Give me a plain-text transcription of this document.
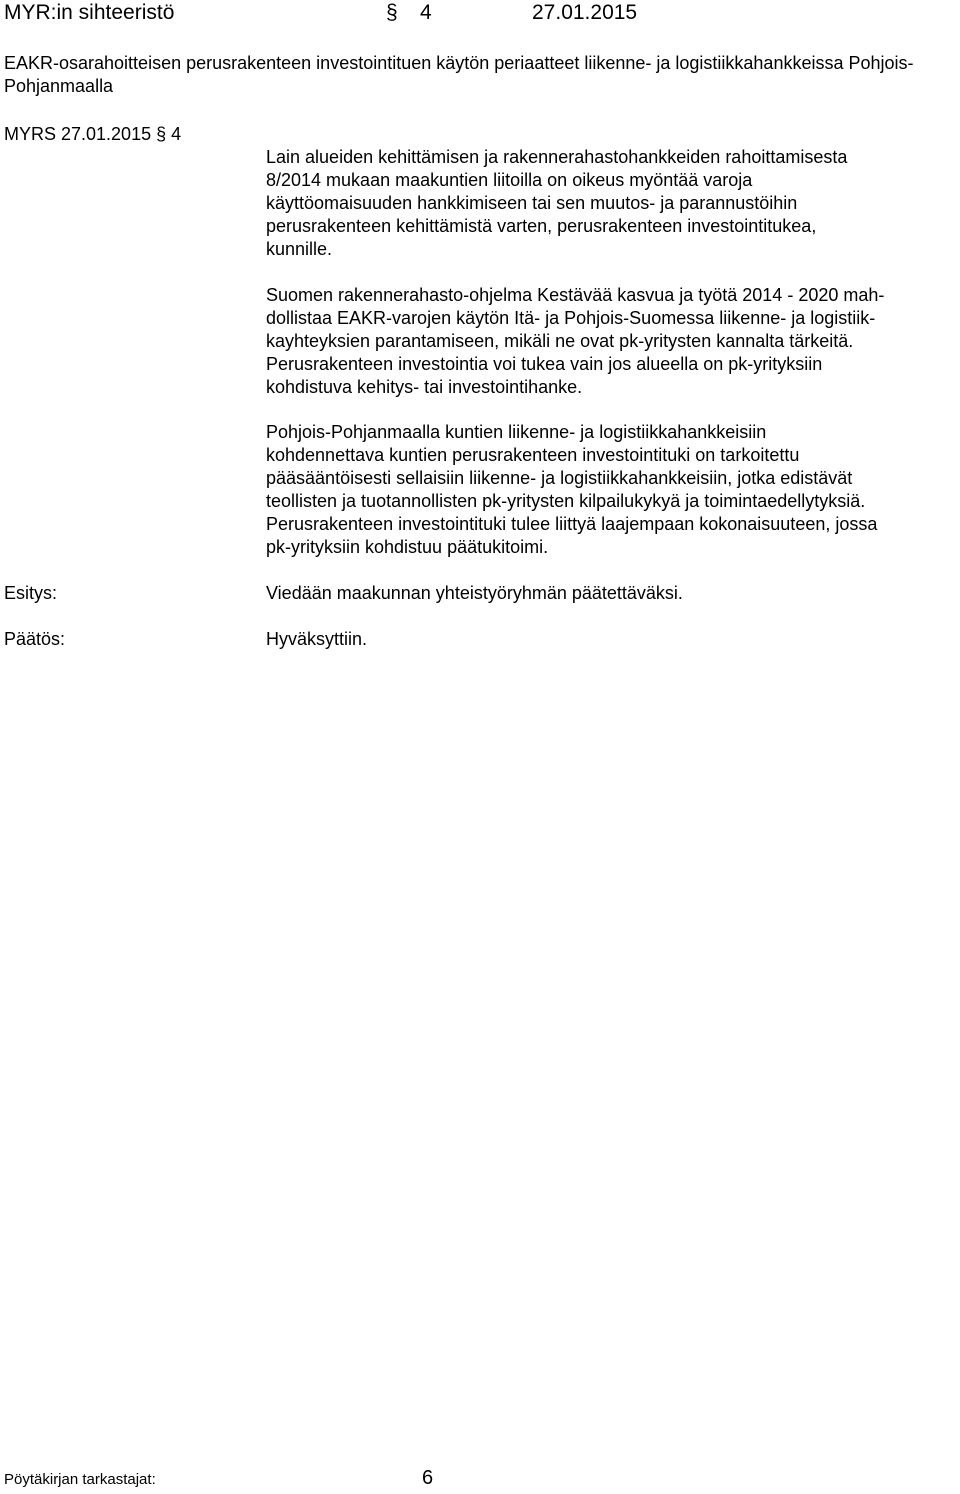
MYR:in sihteeristö	§ 4	27.01.2015
EAKR-osarahoitteisen perusrakenteen investointituen käytön periaatteet liikenne- ja logistiikkahankkeissa Pohjois-Pohjanmaalla
MYRS 27.01.2015 § 4
Lain alueiden kehittämisen ja rakennerahastohankkeiden rahoittamisesta
8/2014 mukaan maakuntien liitoilla on oikeus myöntää varoja
käyttöomaisuuden hankkimiseen tai sen muutos- ja parannustöihin
perusrakenteen kehittämistä varten, perusrakenteen investointitukea,
kunnille.
Suomen rakennerahasto-ohjelma Kestävää kasvua ja työtä 2014 - 2020 mah-
dollistaa EAKR-varojen käytön Itä- ja Pohjois-Suomessa liikenne- ja logistiik-
kayhteyksien parantamiseen, mikäli ne ovat pk-yritysten kannalta tärkeitä.
Perusrakenteen investointia voi tukea vain jos alueella on pk-yrityksiin
kohdistuva kehitys- tai investointihanke.
Pohjois-Pohjanmaalla kuntien liikenne- ja logistiikkahankkeisiin
kohdennettava kuntien perusrakenteen investointituki on tarkoitettu
pääsääntöisesti sellaisiin liikenne- ja logistiikkahankkeisiin, jotka edistävät
teollisten ja tuotannollisten pk-yritysten kilpailukykyä ja toimintaedellytyksiä.
Perusrakenteen investointituki tulee liittyä laajempaan kokonaisuuteen, jossa
pk-yrityksiin kohdistuu päätukitoimi.
Esitys:	Viedään maakunnan yhteistyöryhmän päätettäväksi.
Päätös:	Hyväksyttiin.
Pöytäkirjan tarkastajat:	6
